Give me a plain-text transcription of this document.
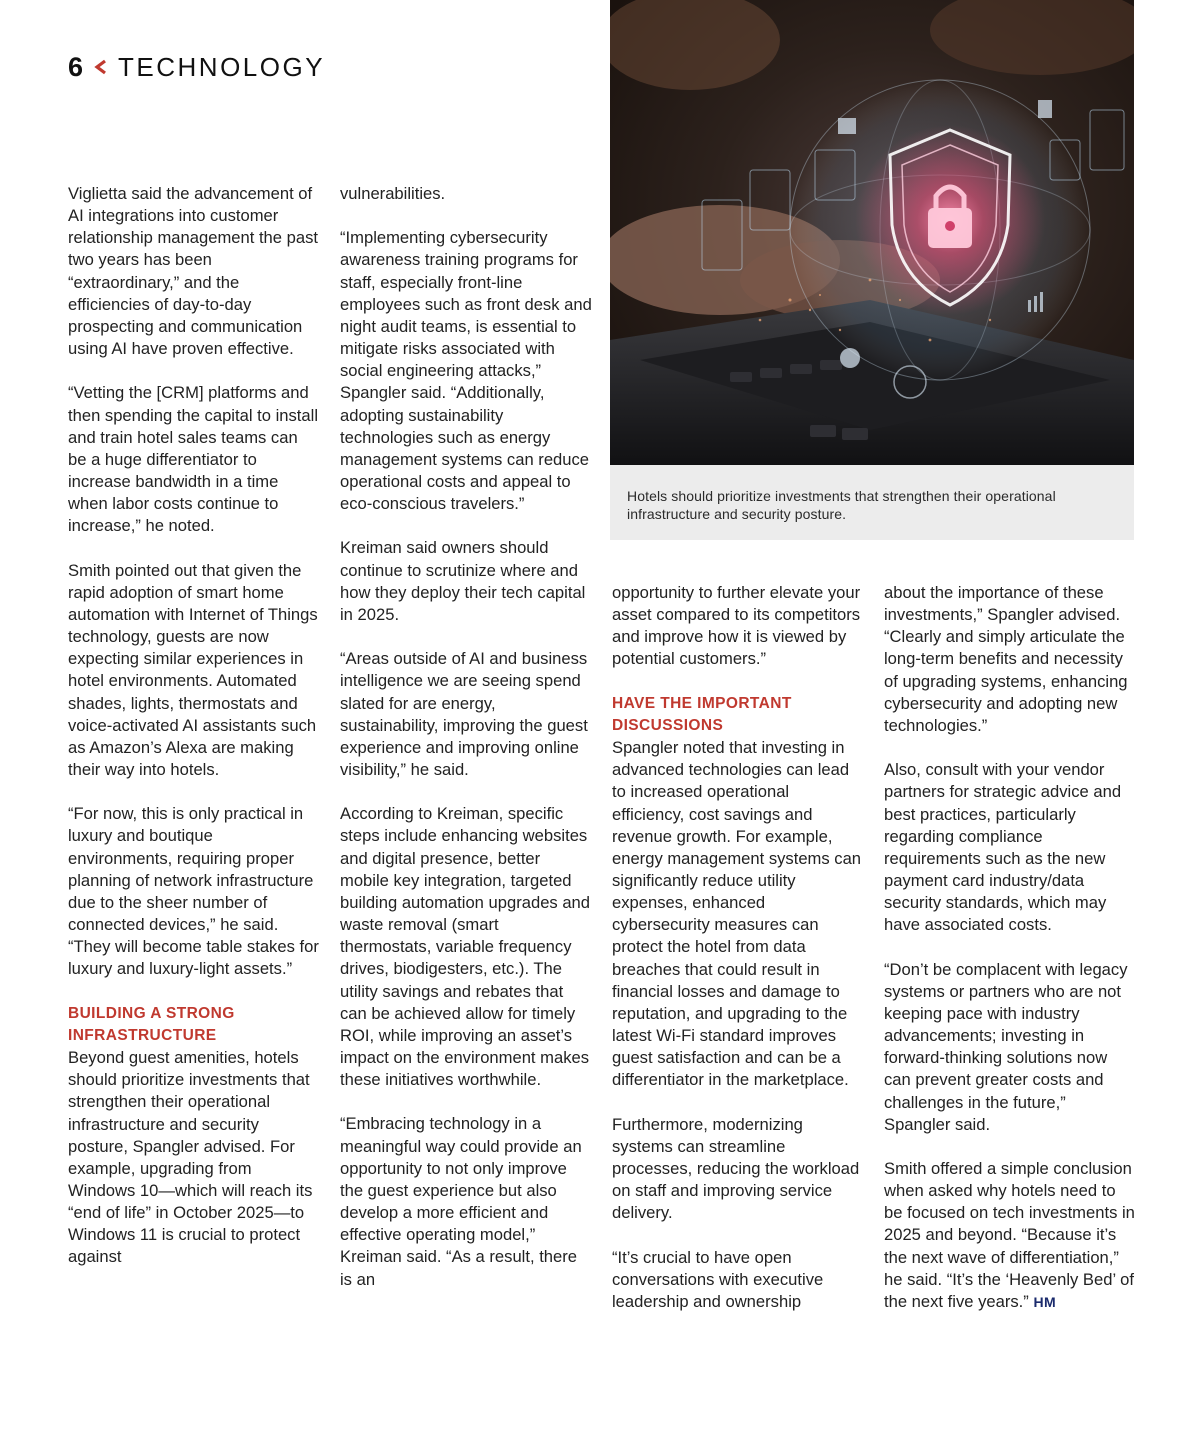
6 TECHNOLOGY

Hotels should prioritize investments that strengthen their operational infrastructure and security posture.

Viglietta said the advancement of AI integrations into customer relationship management the past two years has been “extraordinary,” and the efficiencies of day-to-day prospecting and communication using AI have proven effective.

“Vetting the [CRM] platforms and then spending the capital to install and train hotel sales teams can be a huge differentiator to increase bandwidth in a time when labor costs continue to increase,” he noted.

Smith pointed out that given the rapid adoption of smart home automation with Internet of Things technology, guests are now expecting similar experiences in hotel environments. Automated shades, lights, thermostats and voice-activated AI assistants such as Amazon’s Alexa are making their way into hotels.

“For now, this is only practical in luxury and boutique environments, requiring proper planning of network infrastructure due to the sheer number of connected devices,” he said. “They will become table stakes for luxury and luxury-light assets.”

BUILDING A STRONG INFRASTRUCTURE

Beyond guest amenities, hotels should prioritize investments that strengthen their operational infrastructure and security posture, Spangler advised. For example, upgrading from Windows 10—which will reach its “end of life” in October 2025—to Windows 11 is crucial to protect against

vulnerabilities.

“Implementing cybersecurity awareness training programs for staff, especially front-line employees such as front desk and night audit teams, is essential to mitigate risks associated with social engineering attacks,” Spangler said. “Additionally, adopting sustainability technologies such as energy management systems can reduce operational costs and appeal to eco-conscious travelers.”

Kreiman said owners should continue to scrutinize where and how they deploy their tech capital in 2025.

“Areas outside of AI and business intelligence we are seeing spend slated for are energy, sustainability, improving the guest experience and improving online visibility,” he said.

According to Kreiman, specific steps include enhancing websites and digital presence, better mobile key integration, targeted building automation upgrades and waste removal (smart thermostats, variable frequency drives, biodigesters, etc.). The utility savings and rebates that can be achieved allow for timely ROI, while improving an asset’s impact on the environment makes these initiatives worthwhile.

“Embracing technology in a meaningful way could provide an opportunity to not only improve the guest experience but also develop a more efficient and effective operating model,” Kreiman said. “As a result, there is an

opportunity to further elevate your asset compared to its competitors and improve how it is viewed by potential customers.”

HAVE THE IMPORTANT DISCUSSIONS

Spangler noted that investing in advanced technologies can lead to increased operational efficiency, cost savings and revenue growth. For example, energy management systems can significantly reduce utility expenses, enhanced cybersecurity measures can protect the hotel from data breaches that could result in financial losses and damage to reputation, and upgrading to the latest Wi-Fi standard improves guest satisfaction and can be a differentiator in the marketplace.

Furthermore, modernizing systems can streamline processes, reducing the workload on staff and improving service delivery.

“It’s crucial to have open conversations with executive leadership and ownership

about the importance of these investments,” Spangler advised. “Clearly and simply articulate the long-term benefits and necessity of upgrading systems, enhancing cybersecurity and adopting new technologies.”

Also, consult with your vendor partners for strategic advice and best practices, particularly regarding compliance requirements such as the new payment card industry/data security standards, which may have associated costs.

“Don’t be complacent with legacy systems or partners who are not keeping pace with industry advancements; investing in forward-thinking solutions now can prevent greater costs and challenges in the future,” Spangler said.

Smith offered a simple conclusion when asked why hotels need to be focused on tech investments in 2025 and beyond. “Because it’s the next wave of differentiation,” he said. “It’s the ‘Heavenly Bed’ of the next five years.” HM
